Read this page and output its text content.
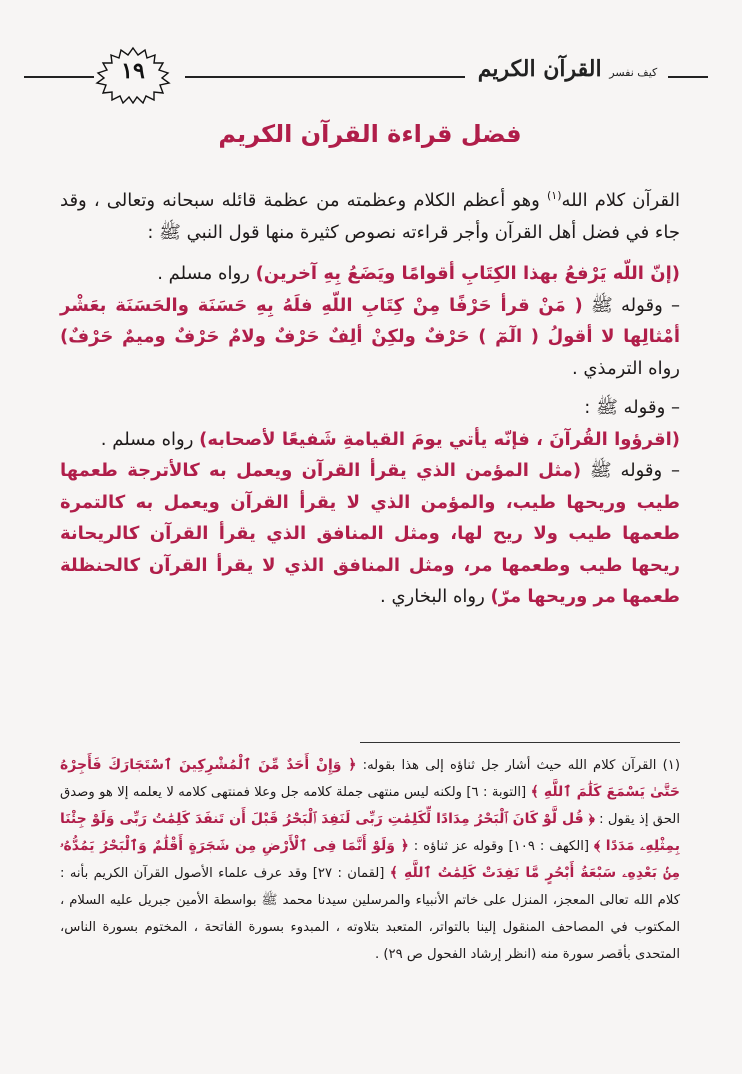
١٩	كيف نفسر القرآن الكريم
فضل قراءة القرآن الكريم

القرآن كلام الله$^{(١)}$ وهو أعظم الكلام وعظمته من عظمة قائله سبحانه وتعالى ، وقد جاء في فضل أهل القرآن وأجر قراءته نصوص كثيرة منها قول النبي ﷺ :

(إنّ اللّه يَرْفعُ بهذا الكِتَابِ أقوامًا ويَضَعُ بِهِ آخرين) رواه مسلم .

– وقوله ﷺ ( مَنْ قرأ حَرْفًا مِنْ كِتَابِ اللّهِ فلَهُ بِهِ حَسَنَة والحَسَنَة بعَشْر أمْثالِها لا أقولُ ( الٓمٓ ) حَرْفٌ ولكِنْ ألِفٌ حَرْفٌ ولامٌ حَرْفٌ وميمٌ حَرْفٌ) رواه الترمذي .

– وقوله ﷺ :

(اقرؤوا القُرآنَ ، فإنّه يأتي يومَ القيامةِ شَفيعًا لأصحابه) رواه مسلم .

– وقوله ﷺ (مثل المؤمن الذي يقرأ القرآن ويعمل به كالأترجة طعمها طيب وريحها طيب، والمؤمن الذي لا يقرأ القرآن ويعمل به كالتمرة طعمها طيب ولا ريح لها، ومثل المنافق الذي يقرأ القرآن كالريحانة ريحها طيب وطعمها مر، ومثل المنافق الذي لا يقرأ القرآن كالحنظلة طعمها مر وريحها مرّ) رواه البخاري .

(١) القرآن كلام الله حيث أشار جل ثناؤه إلى هذا بقوله: ﴿ وَإِنْ أَحَدٌ مِّنَ ٱلْمُشْرِكِينَ ٱسْتَجَارَكَ فَأَجِرْهُ حَتَّىٰ يَسْمَعَ كَلَٰمَ ٱللَّهِ ﴾ [التوبة : ٦] ولكنه ليس منتهى جملة كلامه جل وعلا فمنتهى كلامه لا يعلمه إلا هو وصدق الحق إذ يقول : ﴿ قُل لَّوْ كَانَ ٱلْبَحْرُ مِدَادًا لِّكَلِمَٰتِ رَبِّى لَنَفِدَ ٱلْبَحْرُ قَبْلَ أَن تَنفَدَ كَلِمَٰتُ رَبِّى وَلَوْ جِئْنَا بِمِثْلِهِۦ مَدَدًا ﴾ [الكهف : ١٠٩] وقوله عز ثناؤه : ﴿ وَلَوْ أَنَّمَا فِى ٱلْأَرْضِ مِن شَجَرَةٍ أَقْلَٰمٌ وَٱلْبَحْرُ يَمُدُّهُۥ مِنۢ بَعْدِهِۦ سَبْعَةُ أَبْحُرٍ مَّا نَفِدَتْ كَلِمَٰتُ ٱللَّهِ ﴾ [لقمان : ٢٧] وقد عرف علماء الأصول القرآن الكريم بأنه : كلام الله تعالى المعجز، المنزل على خاتم الأنبياء والمرسلين سيدنا محمد ﷺ بواسطة الأمين جبريل عليه السلام ، المكتوب في المصاحف المنقول إلينا بالتواتر، المتعبد بتلاوته ، المبدوء بسورة الفاتحة ، المختوم بسورة الناس، المتحدى بأقصر سورة منه (انظر إرشاد الفحول ص ٢٩) .
